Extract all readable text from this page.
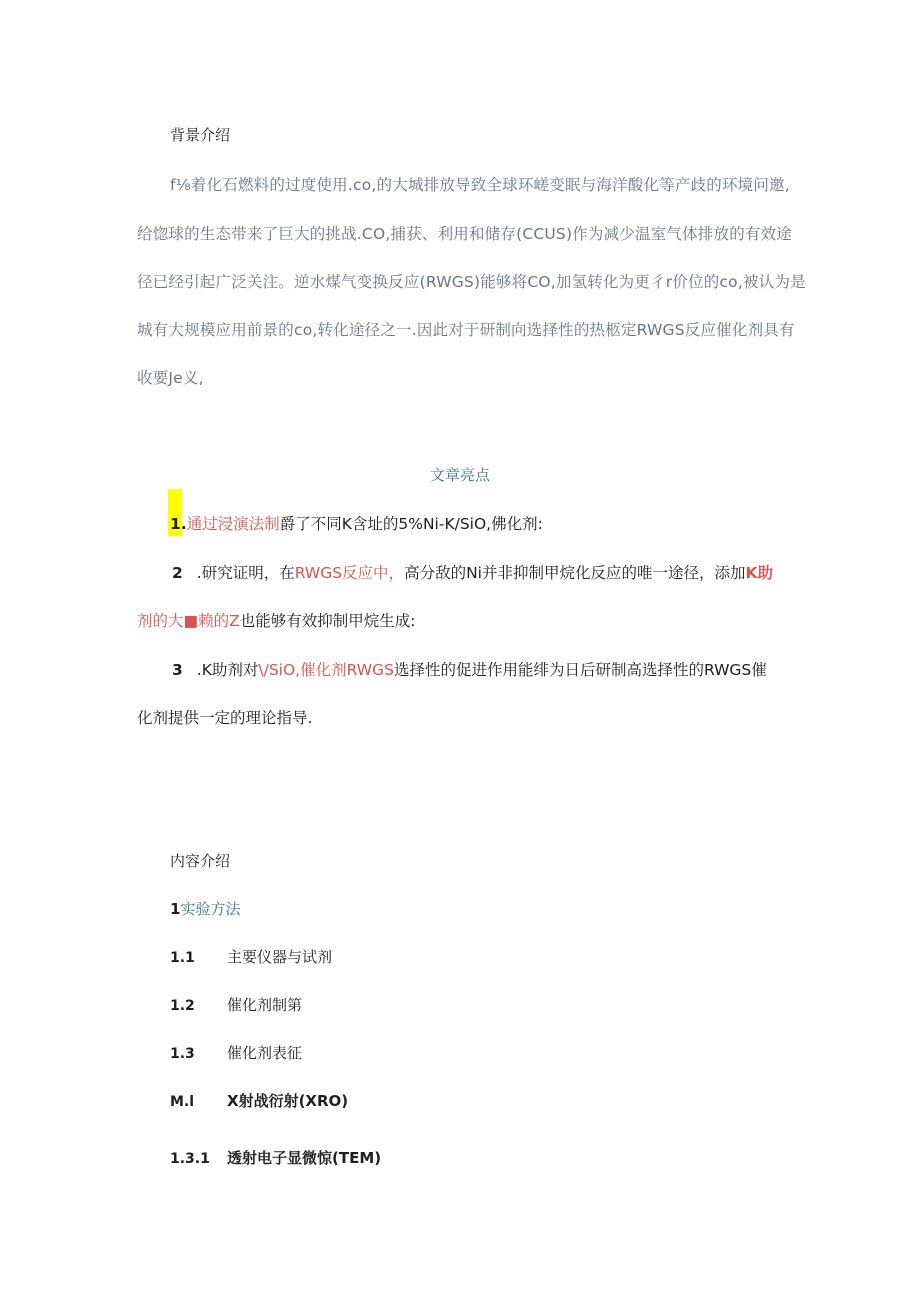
背景介绍
f⅛着化石燃料的过度使用.co,的大城排放导致全球环嵯变眠与海洋酸化等产歧的环境问邀,
给惚球的生态带来了巨大的挑战.CO,捕获、利用和储存(CCUS)作为减少温室气体排放的有效途
径已经引起广泛关注。逆水煤气变换反应(RWGS)能够将CO,加氢转化为更彳r价位的co,被认为是
城有大规模应用前景的co,转化途径之一.因此对于研制向选择性的热柩定RWGS反应催化剂具有
收要Je义,
文章亮点
1.通过浸演法制爵了不同K含址的5%Ni-K/SiO,佛化剂:
2 .研究证明，在RWGS反应中，高分敌的Ni并非抑制甲烷化反应的唯一途径，添加K助
剂的大■赖的Z也能够有效抑制甲烷生成:
3 .K助剂对\/SiO,催化剂RWGS选择性的促进作用能绯为日后研制高选择性的RWGS催
化剂提供一定的理论指导.
内容介绍
1实验方法
1.1 主要仪器与试剂
1.2 催化剂制第
1.3 催化剂表征
M.l X射战衍射(XRO)
1.3.1 透射电子显微惊(TEM)
